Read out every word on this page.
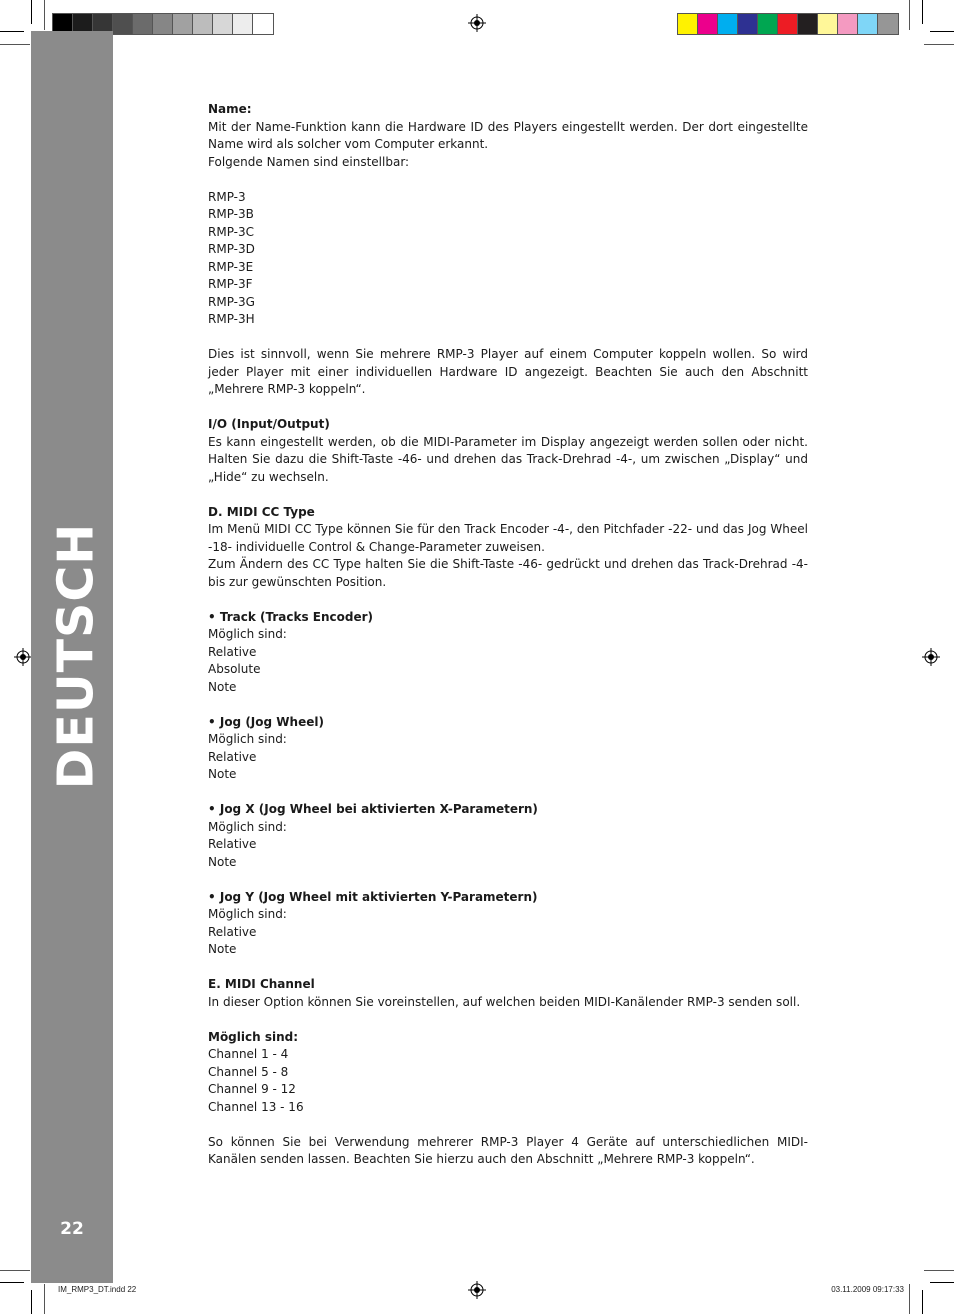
DEUTSCH
22

Name:

Mit der Name-Funktion kann die Hardware ID des Players eingestellt werden. Der dort eingestellte Name wird als solcher vom Computer erkannt.

Folgende Namen sind einstellbar:

RMP-3
RMP-3B
RMP-3C
RMP-3D
RMP-3E
RMP-3F
RMP-3G
RMP-3H

Dies ist sinnvoll, wenn Sie mehrere RMP-3 Player auf einem Computer koppeln wollen. So wird jeder Player mit einer individuellen Hardware ID angezeigt. Beachten Sie auch den Abschnitt „Mehrere RMP-3 koppeln“.

I/O (Input/Output)

Es kann eingestellt werden, ob die MIDI-Parameter im Display angezeigt werden sollen oder nicht. Halten Sie dazu die Shift-Taste -46- und drehen das Track-Drehrad -4-, um zwischen „Display“ und „Hide“ zu wechseln.

D. MIDI CC Type

Im Menü MIDI CC Type können Sie für den Track Encoder -4-, den Pitchfader -22- und das Jog Wheel -18- individuelle Control & Change-Parameter zuweisen.

Zum Ändern des CC Type halten Sie die Shift-Taste -46- gedrückt und drehen das Track-Drehrad -4- bis zur gewünschten Position.

• Track (Tracks Encoder)

Möglich sind:

Relative
Absolute
Note

• Jog (Jog Wheel)

Möglich sind:

Relative
Note

• Jog X (Jog Wheel bei aktivierten X-Parametern)

Möglich sind:

Relative
Note

• Jog Y (Jog Wheel mit aktivierten Y-Parametern)

Möglich sind:

Relative
Note

E. MIDI Channel

In dieser Option können Sie voreinstellen, auf welchen beiden MIDI-Kanälender RMP-3 senden soll.

Möglich sind:

Channel 1 - 4
Channel 5 - 8
Channel 9 - 12
Channel 13 - 16

So können Sie bei Verwendung mehrerer RMP-3 Player 4 Geräte auf unterschiedlichen MIDI-Kanälen senden lassen. Beachten Sie hierzu auch den Abschnitt „Mehrere RMP-3 koppeln“.

IM_RMP3_DT.indd 22	03.11.2009 09:17:33
